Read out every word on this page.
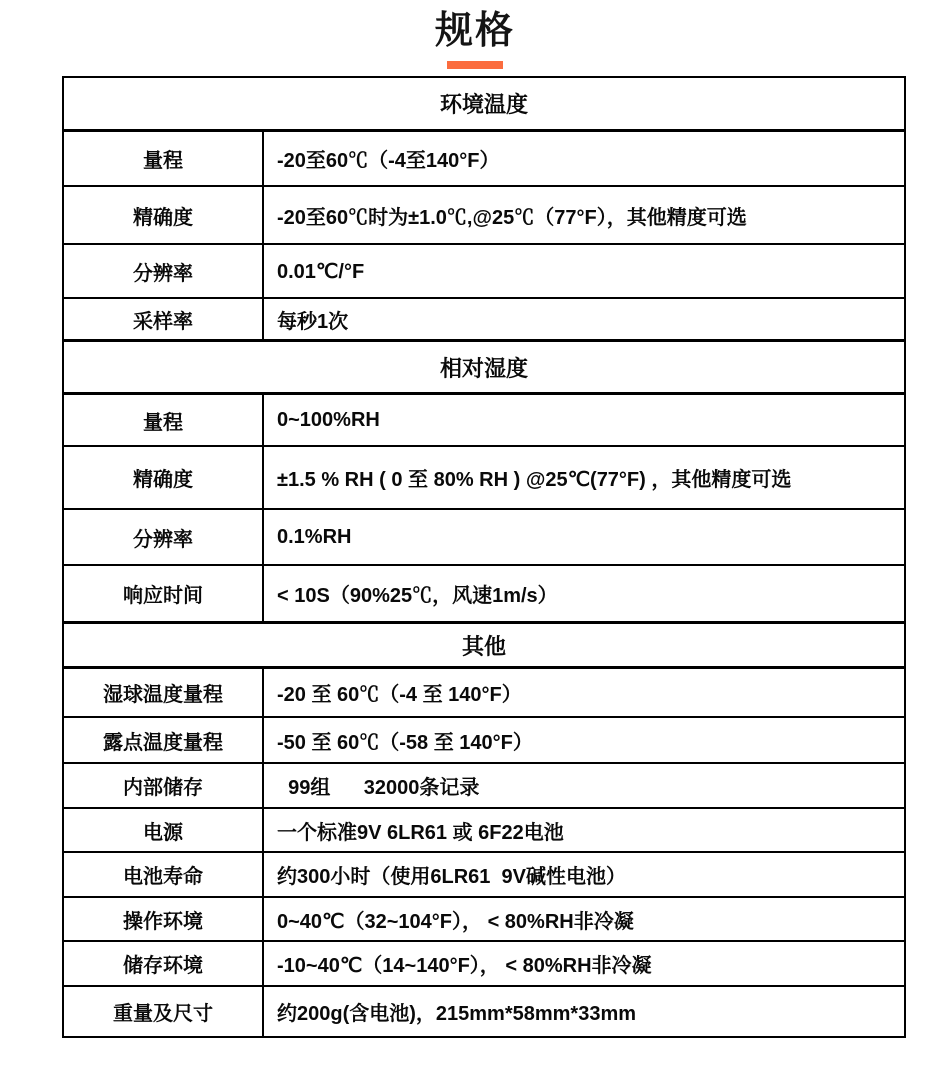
规格
环境温度
量程	-20至60℃（-4至140°F）
精确度	-20至60℃时为±1.0℃,@25℃（77°F），其他精度可选
分辨率	0.01℃/°F
采样率	每秒1次
相对湿度
量程	0~100%RH
精确度	±1.5 % RH ( 0 至 80% RH ) @25℃(77°F) ，其他精度可选
分辨率	0.1%RH
响应时间	< 10S（90%25℃，风速1m/s）
其他
湿球温度量程	-20 至 60℃（-4 至 140°F）
露点温度量程	-50 至 60℃（-58 至 140°F）
内部储存	99组      32000条记录
电源	一个标准9V 6LR61 或 6F22电池
电池寿命	约300小时（使用6LR61  9V碱性电池）
操作环境	0~40℃（32~104°F）， < 80%RH非冷凝
储存环境	-10~40℃（14~140°F）， < 80%RH非冷凝
重量及尺寸	约200g(含电池)，215mm*58mm*33mm
